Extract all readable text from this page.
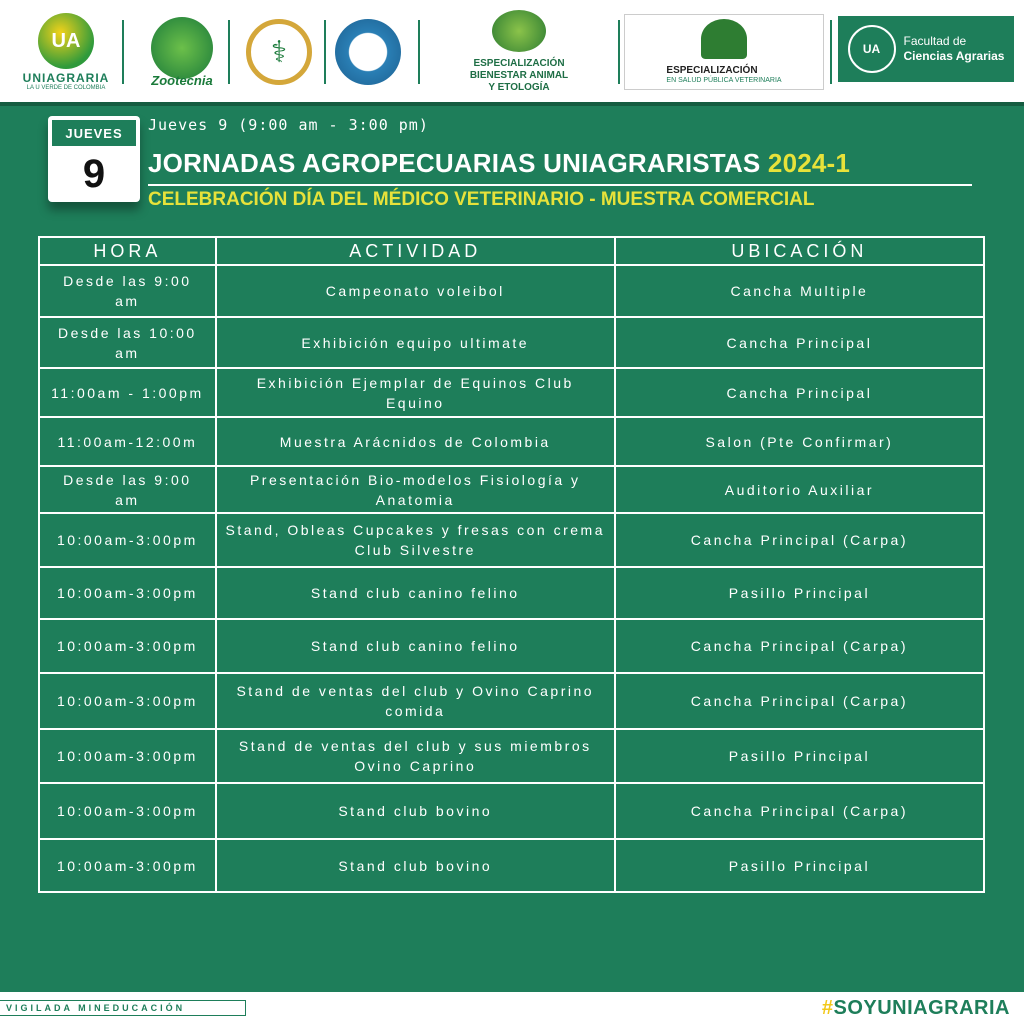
UA
UNIAGRARIA
LA U VERDE DE COLOMBIA
Zootecnia
⚕	ESPECIALIZACIÓN
BIENESTAR ANIMAL
Y ETOLOGÍA
ESPECIALIZACIÓN
EN SALUD PÚBLICA VETERINARIA
UA
Facultad de
Ciencias Agrarias
JUEVES
9
Jueves 9 (9:00 am - 3:00 pm)
JORNADAS AGROPECUARIAS UNIAGRARISTAS 2024-1
CELEBRACIÓN DÍA DEL MÉDICO VETERINARIO - MUESTRA COMERCIAL
HORA	ACTIVIDAD	UBICACIÓN
Desde las 9:00 am	Campeonato voleibol	Cancha Multiple
Desde las 10:00 am	Exhibición equipo ultimate	Cancha Principal
11:00am - 1:00pm	Exhibición Ejemplar de Equinos Club Equino	Cancha Principal
11:00am-12:00m	Muestra Arácnidos de Colombia	Salon (Pte Confirmar)
Desde las 9:00 am	Presentación Bio-modelos Fisiología y Anatomia	Auditorio Auxiliar
10:00am-3:00pm	Stand, Obleas Cupcakes y fresas con crema Club Silvestre	Cancha Principal (Carpa)
10:00am-3:00pm	Stand club canino felino	Pasillo Principal
10:00am-3:00pm	Stand club canino felino	Cancha Principal (Carpa)
10:00am-3:00pm	Stand de ventas del club y Ovino Caprino comida	Cancha Principal (Carpa)
10:00am-3:00pm	Stand de ventas del club y sus miembros Ovino Caprino	Pasillo Principal
10:00am-3:00pm	Stand club bovino	Cancha Principal (Carpa)
10:00am-3:00pm	Stand club bovino	Pasillo Principal
VIGILADA MINEDUCACIÓN	#SOYUNIAGRARIA
